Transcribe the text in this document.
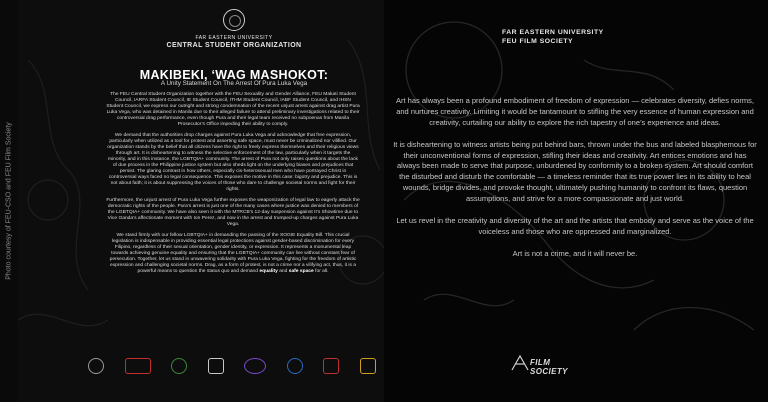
Photo courtesy of FEU-CSO and FEU Film Society
FAR EASTERN UNIVERSITY
CENTRAL STUDENT ORGANIZATION
MAKIBEKI, ‘WAG MASHOKOT:
A Unity Statement On The Arrest Of Pura Luka Vega

The FEU Central Student Organization together with the FEU Sexuality and Gender Alliance, FEU Makati Student Council, IARFA Student Council, IE Student Council, ITHM Student Council, IABF Student Council, and IHSN Student Council, we express our outright and strong condemnation of the recent unjust arrest against drag artist Pura Luka Vega, who was detained in Manila due to their alleged failure to attend preliminary investigations related to their controversial drag performance, even though Pura and their legal team received no subpoenas from Manila Prosecutor’s Office impeding their ability to comply.

We demand that the authorities drop charges against Pura Luka Vega and acknowledge that free expression, particularly when utilized as a tool for protest and asserting safe space, must never be criminalized nor vilified. Our organization stands by the belief that all citizens have the right to freely express themselves and their religious views through art. It is disheartening to witness the selective enforcement of the law, particularly when it targets the minority, and in this instance, the LGBTQIA+ community. The arrest of Pura not only raises questions about the lack of due process in the Philippine justice system but also sheds light on the underlying biases and prejudices that persist. The glaring contrast in how others, especially cis-heterosexual men who have portrayed Christ in controversial ways faced no legal consequence. This exposes the motive in this case: bigotry and prejudice. This is not about faith; it is about suppressing the voices of those who dare to challenge societal norms and fight for their rights.

Furthermore, the unjust arrest of Pura Luka Vega further exposes the weaponization of legal law to eagerly attack the democratic rights of the people. Pura’s arrest is just one of the many cases where justice was denied to members of the LGBTQIA+ community. We have also seen it with the MTRCB’s 12-day suspension against It’s Showtime due to Vice Ganda’s affectionate moment with Ion Perez, and now in the arrest and trumped-up charges against Pura Luka Vega.

We stand firmly with our fellow LGBTQIA+ in demanding the passing of the SOGIE Equality Bill. This crucial legislation is indispensable in providing essential legal protections against gender-based discrimination for every Filipino, regardless of their sexual orientation, gender identity, or expression. It represents a monumental leap towards achieving genuine equality and ensuring that the LGBTQIA+ community can live without constant fear of persecution. Together, let us stand in unwavering solidarity with Pura Luka Vega, fighting for the freedom of artistic expression and challenging societal norms. Drag, as a form of protest, is not a crime nor a vilifying act, thus, it is a powerful means to question the status quo and demand equality and safe space for all.

FAR EASTERN UNIVERSITY
FEU FILM SOCIETY

Art has always been a profound embodiment of freedom of expression — celebrates diversity, defies norms, and nurtures creativity. Limiting it would be tantamount to stifling the very essence of human expression and creativity, curtailing our ability to explore the rich tapestry of one’s experience and ideas.

It is disheartening to witness artists being put behind bars, thrown under the bus and labeled blasphemous for their unconventional forms of expression, stifling their ideas and creativity. Art entices emotions and has always been made to serve that purpose, unburdened by conformity to a broken system. Art should comfort the disturbed and disturb the comfortable — a timeless reminder that its true power lies in its ability to heal wounds, bridge divides, and provoke thought, ultimately pushing humanity to confront its flaws, question assumptions, and strive for a more compassionate and just world.

Let us revel in the creativity and diversity of the art and the artists that embody and serve as the voice of the voiceless and those who are oppressed and marginalized.

Art is not a crime, and it will never be.

FILM SOCIETY
